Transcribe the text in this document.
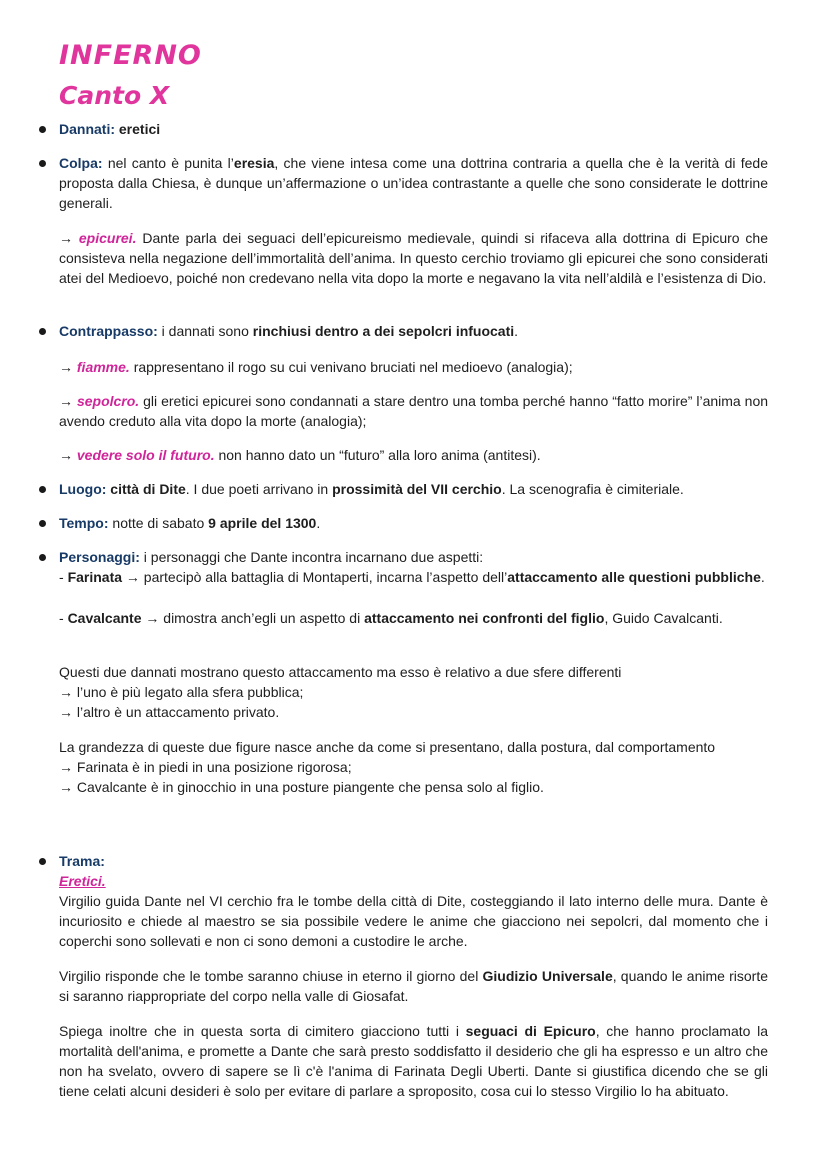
INFERNO
Canto X

Dannati: eretici

Colpa: nel canto è punita l’eresia, che viene intesa come una dottrina contraria a quella che è la verità di fede proposta dalla Chiesa, è dunque un’affermazione o un’idea contrastante a quelle che sono considerate le dottrine generali.

→ epicurei. Dante parla dei seguaci dell’epicureismo medievale, quindi si rifaceva alla dottrina di Epicuro che consisteva nella negazione dell’immortalità dell’anima. In questo cerchio troviamo gli epicurei che sono considerati atei del Medioevo, poiché non credevano nella vita dopo la morte e negavano la vita nell’aldilà e l’esistenza di Dio.

Contrappasso: i dannati sono rinchiusi dentro a dei sepolcri infuocati.

→ fiamme. rappresentano il rogo su cui venivano bruciati nel medioevo (analogia);

→ sepolcro. gli eretici epicurei sono condannati a stare dentro una tomba perché hanno “fatto morire” l’anima non avendo creduto alla vita dopo la morte (analogia);

→ vedere solo il futuro. non hanno dato un “futuro” alla loro anima (antitesi).

Luogo: città di Dite. I due poeti arrivano in prossimità del VII cerchio. La scenografia è cimiteriale.

Tempo: notte di sabato 9 aprile del 1300.

Personaggi: i personaggi che Dante incontra incarnano due aspetti:

- Farinata → partecipò alla battaglia di Montaperti, incarna l’aspetto dell’attaccamento alle questioni pubbliche.

- Cavalcante → dimostra anch’egli un aspetto di attaccamento nei confronti del figlio, Guido Cavalcanti.

Questi due dannati mostrano questo attaccamento ma esso è relativo a due sfere differenti
→ l’uno è più legato alla sfera pubblica;
→ l’altro è un attaccamento privato.

La grandezza di queste due figure nasce anche da come si presentano, dalla postura, dal comportamento
→ Farinata è in piedi in una posizione rigorosa;
→ Cavalcante è in ginocchio in una posture piangente che pensa solo al figlio.

Trama:
Eretici.
Virgilio guida Dante nel VI cerchio fra le tombe della città di Dite, costeggiando il lato interno delle mura. Dante è incuriosito e chiede al maestro se sia possibile vedere le anime che giacciono nei sepolcri, dal momento che i coperchi sono sollevati e non ci sono demoni a custodire le arche.

Virgilio risponde che le tombe saranno chiuse in eterno il giorno del Giudizio Universale, quando le anime risorte si saranno riappropriate del corpo nella valle di Giosafat.

Spiega inoltre che in questa sorta di cimitero giacciono tutti i seguaci di Epicuro, che hanno proclamato la mortalità dell'anima, e promette a Dante che sarà presto soddisfatto il desiderio che gli ha espresso e un altro che non ha svelato, ovvero di sapere se lì c'è l'anima di Farinata Degli Uberti. Dante si giustifica dicendo che se gli tiene celati alcuni desideri è solo per evitare di parlare a sproposito, cosa cui lo stesso Virgilio lo ha abituato.
